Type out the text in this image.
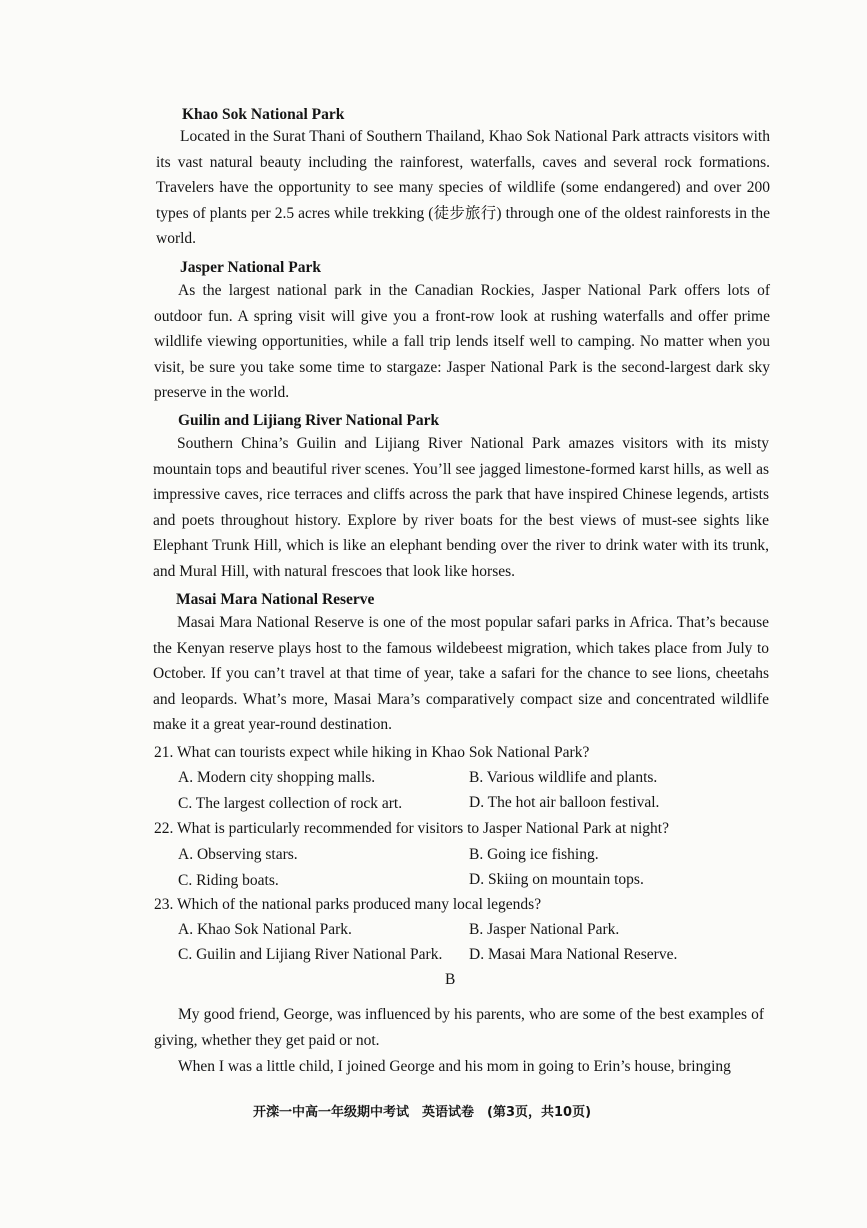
Khao Sok National Park
Located in the Surat Thani of Southern Thailand, Khao Sok National Park attracts visitors with its vast natural beauty including the rainforest, waterfalls, caves and several rock formations. Travelers have the opportunity to see many species of wildlife (some endangered) and over 200 types of plants per 2.5 acres while trekking (徒步旅行) through one of the oldest rainforests in the world.
Jasper National Park
As the largest national park in the Canadian Rockies, Jasper National Park offers lots of outdoor fun. A spring visit will give you a front-row look at rushing waterfalls and offer prime wildlife viewing opportunities, while a fall trip lends itself well to camping. No matter when you visit, be sure you take some time to stargaze: Jasper National Park is the second-largest dark sky preserve in the world.
Guilin and Lijiang River National Park
Southern China’s Guilin and Lijiang River National Park amazes visitors with its misty mountain tops and beautiful river scenes. You’ll see jagged limestone-formed karst hills, as well as impressive caves, rice terraces and cliffs across the park that have inspired Chinese legends, artists and poets throughout history. Explore by river boats for the best views of must-see sights like Elephant Trunk Hill, which is like an elephant bending over the river to drink water with its trunk, and Mural Hill, with natural frescoes that look like horses.
Masai Mara National Reserve
Masai Mara National Reserve is one of the most popular safari parks in Africa. That’s because the Kenyan reserve plays host to the famous wildebeest migration, which takes place from July to October. If you can’t travel at that time of year, take a safari for the chance to see lions, cheetahs and leopards. What’s more, Masai Mara’s comparatively compact size and concentrated wildlife make it a great year-round destination.
21. What can tourists expect while hiking in Khao Sok National Park?
A. Modern city shopping malls.	B. Various wildlife and plants.
C. The largest collection of rock art.	D. The hot air balloon festival.
22. What is particularly recommended for visitors to Jasper National Park at night?
A. Observing stars.	B. Going ice fishing.
C. Riding boats.	D. Skiing on mountain tops.
23. Which of the national parks produced many local legends?
A. Khao Sok National Park.	B. Jasper National Park.
C. Guilin and Lijiang River National Park. D. Masai Mara National Reserve.
B
My good friend, George, was influenced by his parents, who are some of the best examples of giving, whether they get paid or not.
When I was a little child, I joined George and his mom in going to Erin’s house, bringing
开滦一中高一年级期中考试　英语试卷　(第3页，共10页)
